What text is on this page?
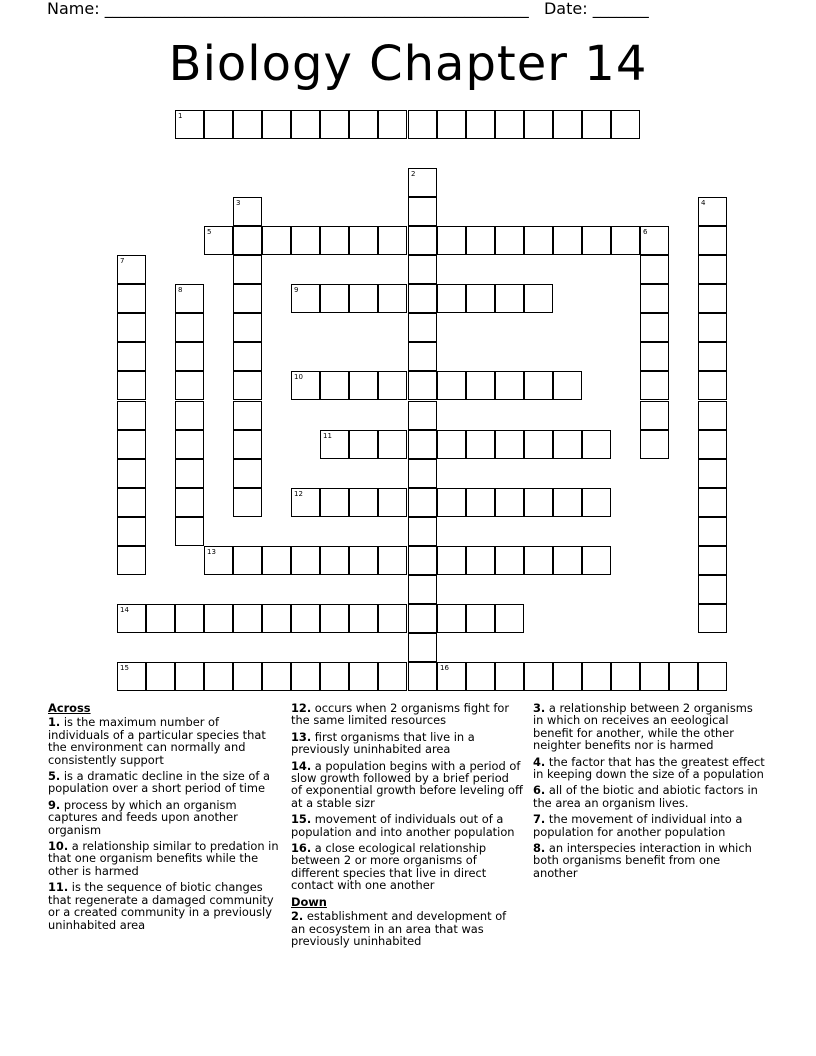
Name: _____________________________________________________ Date: _______
Biology Chapter 14
1
2
3	4
5	6
7
8	9
10
11
12
13
14
15	16
Across
1. is the maximum number of individuals of a particular species that the environment can normally and consistently support
5. is a dramatic decline in the size of a population over a short period of time
9. process by which an organism captures and feeds upon another organism
10. a relationship similar to predation in that one organism benefits while the other is harmed
11. is the sequence of biotic changes that regenerate a damaged community or a created community in a previously uninhabited area
12. occurs when 2 organisms fight for the same limited resources
13. first organisms that live in a previously uninhabited area
14. a population begins with a period of slow growth followed by a brief period of exponential growth before leveling off at a stable sizr
15. movement of individuals out of a population and into another population
16. a close ecological relationship between 2 or more organisms of different species that live in direct contact with one another
Down
2. establishment and development of an ecosystem in an area that was previously uninhabited
3. a relationship between 2 organisms in which on receives an eeological benefit for another, while the other neighter benefits nor is harmed
4. the factor that has the greatest effect in keeping down the size of a population
6. all of the biotic and abiotic factors in the area an organism lives.
7. the movement of individual into a population for another population
8. an interspecies interaction in which both organisms benefit from one another
